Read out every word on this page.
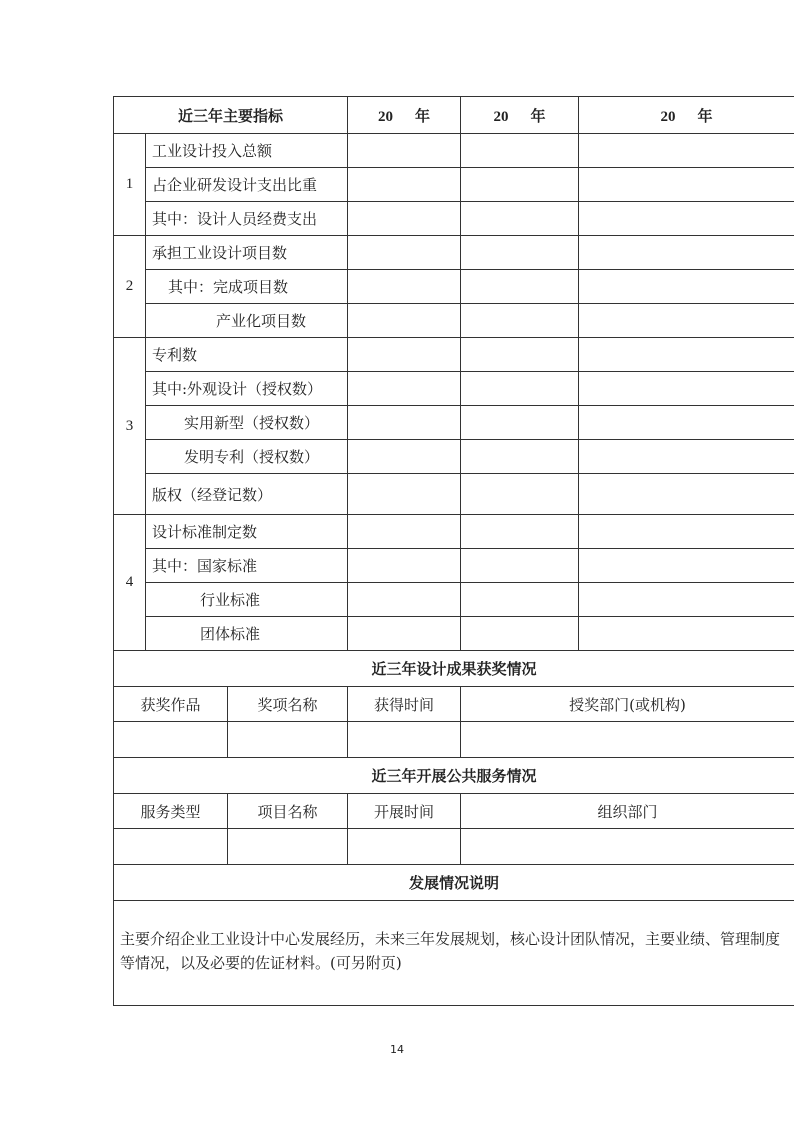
近三年主要指标			20 年	20 年	20 年
1	工业设计投入总额				
	占企业研发设计支出比重				
	其中：设计人员经费支出				
2	承担工业设计项目数				
	其中：完成项目数				
	产业化项目数				
3	专利数				
	其中:外观设计（授权数）				
	实用新型（授权数）				
	发明专利（授权数）				
	版权（经登记数）				
4	设计标准制定数				
	其中：国家标准				
	行业标准				
	团体标准				
近三年设计成果获奖情况					
获奖作品		奖项名称	获得时间	授奖部门(或机构)	

近三年开展公共服务情况					
服务类型		项目名称	开展时间	组织部门	

发展情况说明					
主要介绍企业工业设计中心发展经历，未来三年发展规划，核心设计团队情况，主要业绩、管理制度等情况，以及必要的佐证材料。(可另附页)					
14
